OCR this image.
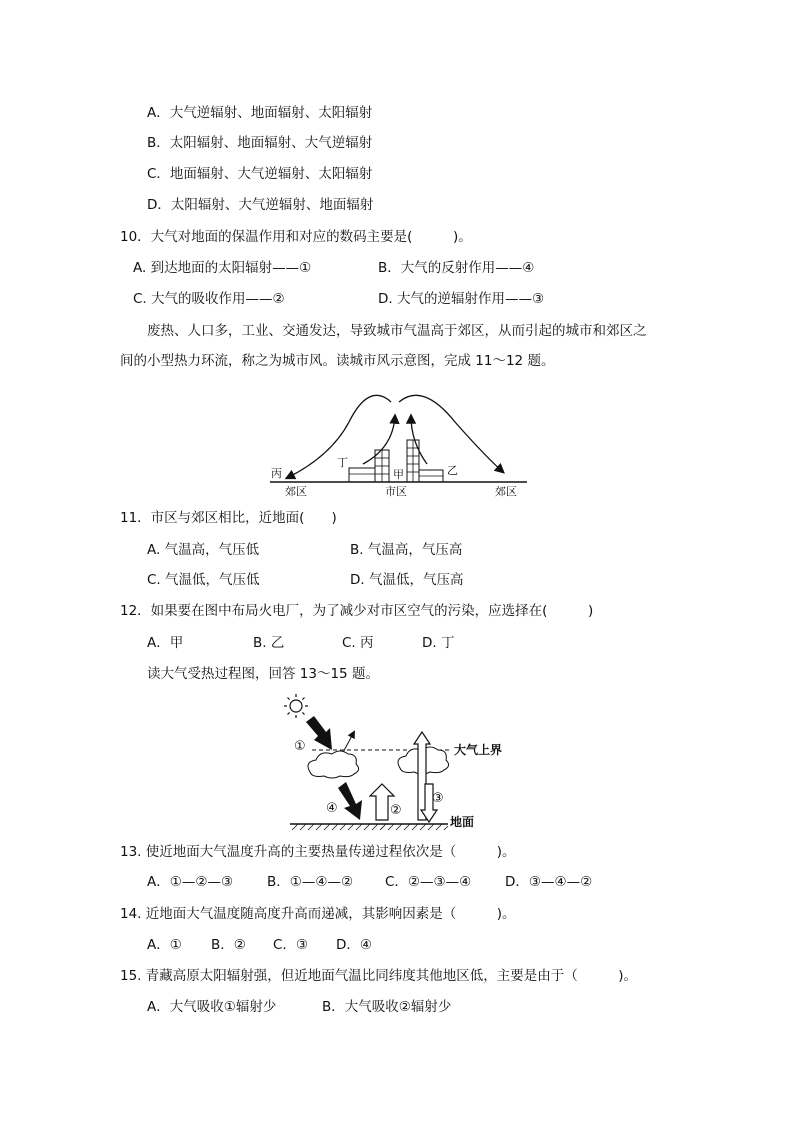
A．大气逆辐射、地面辐射、太阳辐射
B．太阳辐射、地面辐射、大气逆辐射
C．地面辐射、大气逆辐射、太阳辐射
D．太阳辐射、大气逆辐射、地面辐射
10．大气对地面的保温作用和对应的数码主要是(　　　)。
A. 到达地面的太阳辐射——①	B．大气的反射作用——④
C. 大气的吸收作用——②	D. 大气的逆辐射作用——③
废热、人口多，工业、交通发达，导致城市气温高于郊区，从而引起的城市和郊区之
间的小型热力环流，称之为城市风。读城市风示意图，完成 11～12 题。
丙
丁
甲	乙
郊区	市区	郊区
11．市区与郊区相比，近地面(　　)
A. 气温高，气压低	B. 气温高，气压高
C. 气温低，气压低	D. 气温低，气压高
12．如果要在图中布局火电厂，为了减少对市区空气的污染，应选择在(　　　)
A．甲	B. 乙	C. 丙	D. 丁
读大气受热过程图，回答 13～15 题。
大气上界
地面
①
④	②
③
13. 使近地面大气温度升高的主要热量传递过程依次是（　　　)。
A．①—②—③	B．①—④—② C．②—③—④	D．③—④—②
14. 近地面大气温度随高度升高而递减，其影响因素是（　　　)。
A．① B．② C．③ D．④
15. 青藏高原太阳辐射强，但近地面气温比同纬度其他地区低，主要是由于（　　　)。
A．大气吸收①辐射少	B．大气吸收②辐射少
